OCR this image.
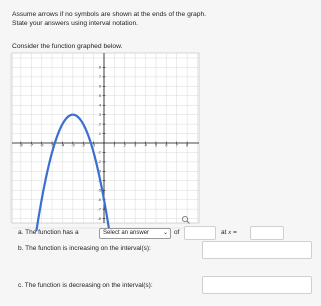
Assume arrows if no symbols are shown at the ends of the graph.
State your answers using interval notation.
Consider the function graphed below.
-8 -7 -6 -5 -4 -3 -2 -1	1 2 3 4 5 6 7 8
8
7
6
5
4
3
2
1
-1
-2
-3
-4
-5
-6
-7
-8
a. The function has a	Select an answer ⌄ of	at x =
b. The function is increasing on the interval(s):
c. The function is decreasing on the interval(s):
